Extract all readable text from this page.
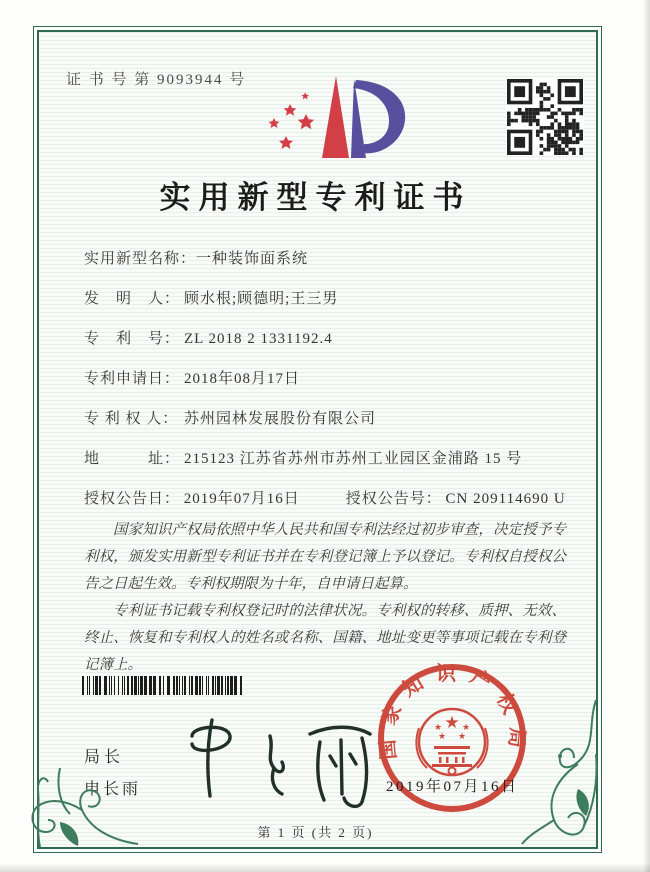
证 书 号 第 9093944 号
实用新型专利证书
实用新型名称： 一种装饰面系统
发　明　人： 顾水根;顾德明;王三男
专　利　号： ZL 2018 2 1331192.4
专利申请日： 2018年08月17日
专 利 权 人： 苏州园林发展股份有限公司
地　　　址： 215123 江苏省苏州市苏州工业园区金浦路 15 号
授权公告日： 2019年07月16日	授权公告号： CN 209114690 U

国家知识产权局依照中华人民共和国专利法经过初步审查，决定授予专利权，颁发实用新型专利证书并在专利登记簿上予以登记。专利权自授权公告之日起生效。专利权期限为十年，自申请日起算。

专利证书记载专利权登记时的法律状况。专利权的转移、质押、无效、终止、恢复和专利权人的姓名或名称、国籍、地址变更等事项记载在专利登记簿上。

国家知识产权局
★
★ ★
★ ★
2019年07月16日
局长
申长雨
第 1 页 (共 2 页)
